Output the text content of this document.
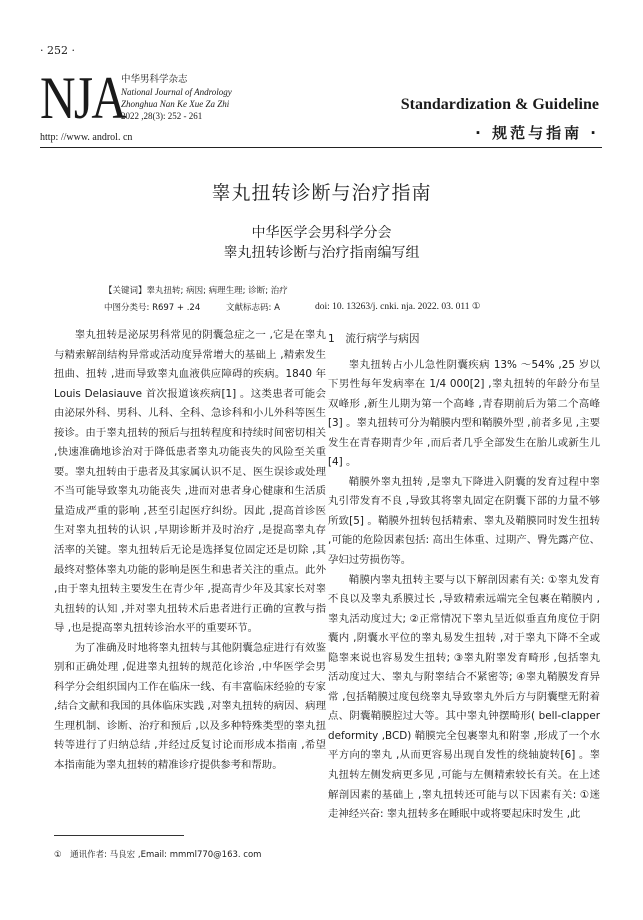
· 252 ·
NJA
中华男科学杂志
National Journal of Andrology
Zhonghua Nan Ke Xue Za Zhi
2022 ,28(3): 252 - 261
http: //www. androl. cn
Standardization & Guideline
· 规范与指南 ·
睾丸扭转诊断与治疗指南
中华医学会男科学分会
睾丸扭转诊断与治疗指南编写组
【关键词】睾丸扭转; 病因; 病理生理; 诊断; 治疗
中图分类号: R697 + .24	文献标志码: A	doi: 10. 13263/j. cnki. nja. 2022. 03. 011 ①

睾丸扭转是泌尿男科常见的阴囊急症之一 ,它是在睾丸与精索解剖结构异常或活动度异常增大的基础上 ,精索发生扭曲、扭转 ,进而导致睾丸血液供应障碍的疾病。1840 年 Louis Delasiauve 首次报道该疾病[1] 。这类患者可能会由泌尿外科、男科、儿科、全科、急诊科和小儿外科等医生接诊。由于睾丸扭转的预后与扭转程度和持续时间密切相关 ,快速准确地诊治对于降低患者睾丸功能丧失的风险至关重要。睾丸扭转由于患者及其家属认识不足、医生误诊或处理不当可能导致睾丸功能丧失 ,进而对患者身心健康和生活质量造成严重的影响 ,甚至引起医疗纠纷。因此 ,提高首诊医生对睾丸扭转的认识 ,早期诊断并及时治疗 ,是提高睾丸存活率的关键。睾丸扭转后无论是选择复位固定还是切除 ,其最终对整体睾丸功能的影响是医生和患者关注的重点。此外 ,由于睾丸扭转主要发生在青少年 ,提高青少年及其家长对睾丸扭转的认知 ,并对睾丸扭转术后患者进行正确的宣教与指导 ,也是提高睾丸扭转诊治水平的重要环节。

为了准确及时地将睾丸扭转与其他阴囊急症进行有效鉴别和正确处理 ,促进睾丸扭转的规范化诊治 ,中华医学会男科学分会组织国内工作在临床一线、有丰富临床经验的专家 ,结合文献和我国的具体临床实践 ,对睾丸扭转的病因、病理生理机制、诊断、治疗和预后 ,以及多种特殊类型的睾丸扭转等进行了归纳总结 ,并经过反复讨论而形成本指南 ,希望本指南能为睾丸扭转的精准诊疗提供参考和帮助。

1　流行病学与病因

睾丸扭转占小儿急性阴囊疾病 13% ～54% ,25 岁以下男性每年发病率在 1/4 000[2] ,睾丸扭转的年龄分布呈双峰形 ,新生儿期为第一个高峰 ,青春期前后为第二个高峰[3] 。睾丸扭转可分为鞘膜内型和鞘膜外型 ,前者多见 ,主要发生在青春期青少年 ,而后者几乎全部发生在胎儿或新生儿[4] 。

鞘膜外睾丸扭转 ,是睾丸下降进入阴囊的发育过程中睾丸引带发育不良 ,导致其将睾丸固定在阴囊下部的力量不够所致[5] 。鞘膜外扭转包括精索、睾丸及鞘膜同时发生扭转 ,可能的危险因素包括: 高出生体重、过期产、臀先露产位、孕妇过劳损伤等。

鞘膜内睾丸扭转主要与以下解剖因素有关: ①睾丸发育不良以及睾丸系膜过长 ,导致精索远端完全包裹在鞘膜内 ,睾丸活动度过大; ②正常情况下睾丸呈近似垂直角度位于阴囊内 ,阴囊水平位的睾丸易发生扭转 ,对于睾丸下降不全或隐睾来说也容易发生扭转; ③睾丸附睾发育畸形 ,包括睾丸活动度过大、睾丸与附睾结合不紧密等; ④睾丸鞘膜发育异常 ,包括鞘膜过度包绕睾丸导致睾丸外后方与阴囊壁无附着点、阴囊鞘膜腔过大等。其中睾丸钟摆畸形( bell-clapper deformity ,BCD) 鞘膜完全包裹睾丸和附睾 ,形成了一个水平方向的睾丸 ,从而更容易出现自发性的绕轴旋转[6] 。睾丸扭转左侧发病更多见 ,可能与左侧精索较长有关。在上述解剖因素的基础上 ,睾丸扭转还可能与以下因素有关: ①迷走神经兴奋: 睾丸扭转多在睡眠中或将要起床时发生 ,此

①　通讯作者: 马良宏 ,Email: mmml770@163. com
